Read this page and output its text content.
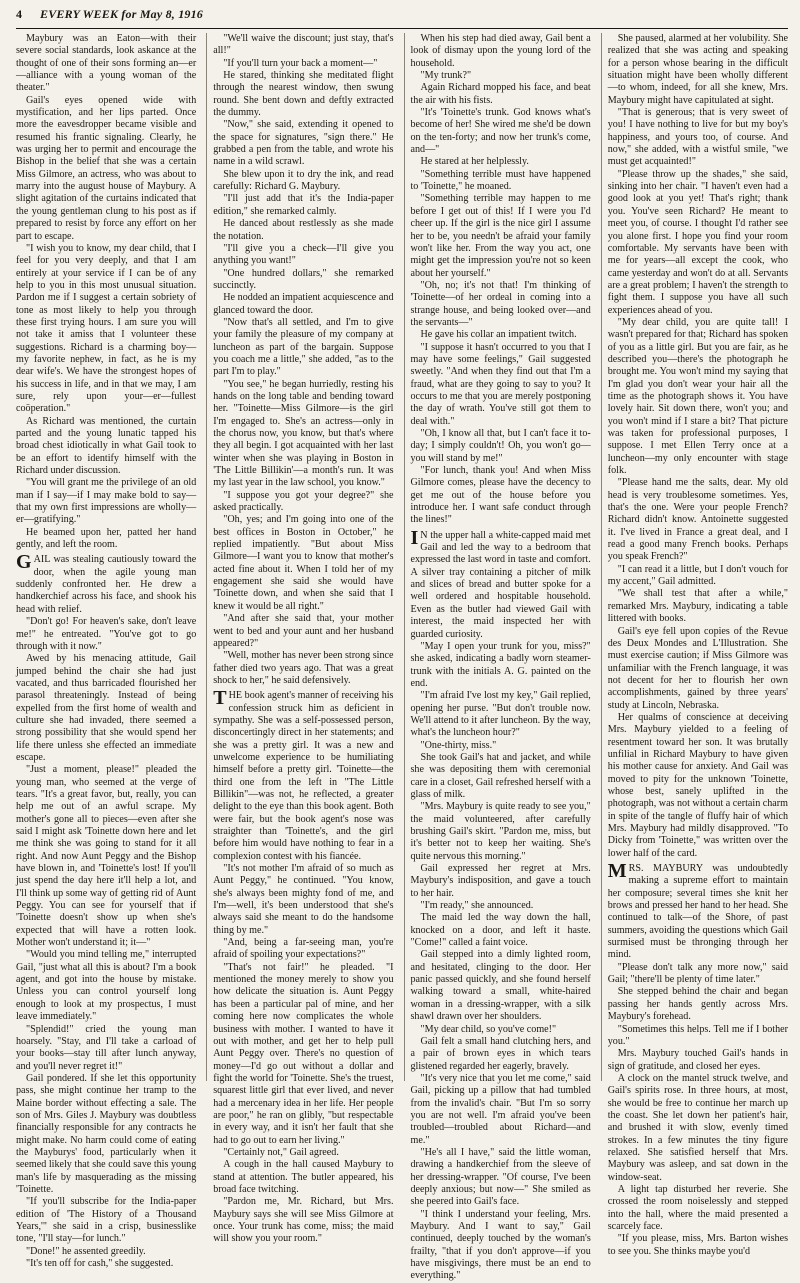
4 EVERY WEEK for May 8, 1916

Maybury was an Eaton—with their severe social standards, look askance at the thought of one of their sons forming an—er—alliance with a young woman of the theater."

Gail's eyes opened wide with mystification, and her lips parted. Once more the eavesdropper became visible and resumed his frantic signaling. Clearly, he was urging her to permit and encourage the Bishop in the belief that she was a certain Miss Gilmore, an actress, who was about to marry into the august house of Maybury. A slight agitation of the curtains indicated that the young gentleman clung to his post as if prepared to resist by force any effort on her part to escape.

"I wish you to know, my dear child, that I feel for you very deeply, and that I am entirely at your service if I can be of any help to you in this most unusual situation. Pardon me if I suggest a certain sobriety of tone as most likely to help you through these first trying hours. I am sure you will not take it amiss that I volunteer these suggestions. Richard is a charming boy—my favorite nephew, in fact, as he is my dear wife's. We have the strongest hopes of his success in life, and in that we may, I am sure, rely upon your—er—fullest coöperation."

As Richard was mentioned, the curtain parted and the young lunatic tapped his broad chest idiotically in what Gail took to be an effort to identify himself with the Richard under discussion.

"You will grant me the privilege of an old man if I say—if I may make bold to say—that my own first impressions are wholly—er—gratifying."

He beamed upon her, patted her hand gently, and left the room.

GAIL was stealing cautiously toward the door, when the agile young man suddenly confronted her. He drew a handkerchief across his face, and shook his head with relief.

"Don't go! For heaven's sake, don't leave me!" he entreated. "You've got to go through with it now."

Awed by his menacing attitude, Gail jumped behind the chair she had just vacated, and thus barricaded flourished her parasol threateningly. Instead of being expelled from the first home of wealth and culture she had invaded, there seemed a strong possibility that she would spend her life there unless she effected an immediate escape.

"Just a moment, please!" pleaded the young man, who seemed at the verge of tears. "It's a great favor, but, really, you can help me out of an awful scrape. My mother's gone all to pieces—even after she said I might ask 'Toinette down here and let me think she was going to stand for it all right. And now Aunt Peggy and the Bishop have blown in, and 'Toinette's lost! If you'll just spend the day here it'll help a lot, and I'll think up some way of getting rid of Aunt Peggy. You can see for yourself that if 'Toinette doesn't show up when she's expected that will have a rotten look. Mother won't understand it; it—"

"Would you mind telling me," interrupted Gail, "just what all this is about? I'm a book agent, and got into the house by mistake. Unless you can control yourself long enough to look at my prospectus, I must leave immediately."

"Splendid!" cried the young man hoarsely. "Stay, and I'll take a carload of your books—stay till after lunch anyway, and you'll never regret it!"

Gail pondered. If she let this opportunity pass, she might continue her tramp to the Maine border without effecting a sale. The son of Mrs. Giles J. Maybury was doubtless financially responsible for any contracts he might make. No harm could come of eating the Mayburys' food, particularly when it seemed likely that she could save this young man's life by masquerading as the missing 'Toinette.

"If you'll subscribe for the India-paper edition of 'The History of a Thousand Years,'" she said in a crisp, businesslike tone, "I'll stay—for lunch."

"Done!" he assented greedily.

"It's ten off for cash," she suggested.

"We'll waive the discount; just stay, that's all!"

"If you'll turn your back a moment—"

He stared, thinking she meditated flight through the nearest window, then swung round. She bent down and deftly extracted the dummy.

"Now," she said, extending it opened to the space for signatures, "sign there." He grabbed a pen from the table, and wrote his name in a wild scrawl.

She blew upon it to dry the ink, and read carefully: Richard G. Maybury.

"I'll just add that it's the India-paper edition," she remarked calmly.

He danced about restlessly as she made the notation.

"I'll give you a check—I'll give you anything you want!"

"One hundred dollars," she remarked succinctly.

He nodded an impatient acquiescence and glanced toward the door.

"Now that's all settled, and I'm to give your family the pleasure of my company at luncheon as part of the bargain. Suppose you coach me a little," she added, "as to the part I'm to play."

"You see," he began hurriedly, resting his hands on the long table and bending toward her. "Toinette—Miss Gilmore—is the girl I'm engaged to. She's an actress—only in the chorus now, you know, but that's where they all begin. I got acquainted with her last winter when she was playing in Boston in 'The Little Billikin'—a month's run. It was my last year in the law school, you know."

"I suppose you got your degree?" she asked practically.

"Oh, yes; and I'm going into one of the best offices in Boston in October," he replied impatiently. "But about Miss Gilmore—I want you to know that mother's acted fine about it. When I told her of my engagement she said she would have 'Toinette down, and when she said that I knew it would be all right."

"And after she said that, your mother went to bed and your aunt and her husband appeared?"

"Well, mother has never been strong since father died two years ago. That was a great shock to her," he said defensively.

THE book agent's manner of receiving his confession struck him as deficient in sympathy. She was a self-possessed person, disconcertingly direct in her statements; and she was a pretty girl. It was a new and unwelcome experience to be humiliating himself before a pretty girl. 'Toinette—the third one from the left in "The Little Billikin"—was not, he reflected, a greater delight to the eye than this book agent. Both were fair, but the book agent's nose was straighter than 'Toinette's, and the girl before him would have nothing to fear in a complexion contest with his fiancée.

"It's not mother I'm afraid of so much as Aunt Peggy," he continued. "You know, she's always been mighty fond of me, and I'm—well, it's been understood that she's always said she meant to do the handsome thing by me."

"And, being a far-seeing man, you're afraid of spoiling your expectations?"

"That's not fair!" he pleaded. "I mentioned the money merely to show you how delicate the situation is. Aunt Peggy has been a particular pal of mine, and her coming here now complicates the whole business with mother. I wanted to have it out with mother, and get her to help pull Aunt Peggy over. There's no question of money—I'd go out without a dollar and fight the world for 'Toinette. She's the truest, squarest little girl that ever lived, and never had a mercenary idea in her life. Her people are poor," he ran on glibly, "but respectable in every way, and it isn't her fault that she had to go out to earn her living."

"Certainly not," Gail agreed.

A cough in the hall caused Maybury to stand at attention. The butler appeared, his broad face twitching.

"Pardon me, Mr. Richard, but Mrs. Maybury says she will see Miss Gilmore at once. Your trunk has come, miss; the maid will show you your room."

When his step had died away, Gail bent a look of dismay upon the young lord of the household.

"My trunk?"

Again Richard mopped his face, and beat the air with his fists.

"It's 'Toinette's trunk. God knows what's become of her! She wired me she'd be down on the ten-forty; and now her trunk's come, and—"

He stared at her helplessly.

"Something terrible must have happened to 'Toinette," he moaned.

"Something terrible may happen to me before I get out of this! If I were you I'd cheer up. If the girl is the nice girl I assume her to be, you needn't be afraid your family won't like her. From the way you act, one might get the impression you're not so keen about her yourself."

"Oh, no; it's not that! I'm thinking of 'Toinette—of her ordeal in coming into a strange house, and being looked over—and the servants—"

He gave his collar an impatient twitch.

"I suppose it hasn't occurred to you that I may have some feelings," Gail suggested sweetly. "And when they find out that I'm a fraud, what are they going to say to you? It occurs to me that you are merely postponing the day of wrath. You've still got them to deal with."

"Oh, I know all that, but I can't face it to-day; I simply couldn't! Oh, you won't go—you will stand by me!"

"For lunch, thank you! And when Miss Gilmore comes, please have the decency to get me out of the house before you introduce her. I want safe conduct through the lines!"

IN the upper hall a white-capped maid met Gail and led the way to a bedroom that expressed the last word in taste and comfort. A silver tray containing a pitcher of milk and slices of bread and butter spoke for a well ordered and hospitable household. Even as the butler had viewed Gail with interest, the maid inspected her with guarded curiosity.

"May I open your trunk for you, miss?" she asked, indicating a badly worn steamer-trunk with the initials A. G. painted on the end.

"I'm afraid I've lost my key," Gail replied, opening her purse. "But don't trouble now. We'll attend to it after luncheon. By the way, what's the luncheon hour?"

"One-thirty, miss."

She took Gail's hat and jacket, and while she was depositing them with ceremonial care in a closet, Gail refreshed herself with a glass of milk.

"Mrs. Maybury is quite ready to see you," the maid volunteered, after carefully brushing Gail's skirt. "Pardon me, miss, but it's better not to keep her waiting. She's quite nervous this morning."

Gail expressed her regret at Mrs. Maybury's indisposition, and gave a touch to her hair.

"I'm ready," she announced.

The maid led the way down the hall, knocked on a door, and left it haste. "Come!" called a faint voice.

Gail stepped into a dimly lighted room, and hesitated, clinging to the door. Her panic passed quickly, and she found herself walking toward a small, white-haired woman in a dressing-wrapper, with a silk shawl drawn over her shoulders.

"My dear child, so you've come!"

Gail felt a small hand clutching hers, and a pair of brown eyes in which tears glistened regarded her eagerly, bravely.

"It's very nice that you let me come," said Gail, picking up a pillow that had tumbled from the invalid's chair. "But I'm so sorry you are not well. I'm afraid you've been troubled—troubled about Richard—and me."

"He's all I have," said the little woman, drawing a handkerchief from the sleeve of her dressing-wrapper. "Of course, I've been deeply anxious; but now—" She smiled as she peered into Gail's face.

"I think I understand your feeling, Mrs. Maybury. And I want to say," Gail continued, deeply touched by the woman's frailty, "that if you don't approve—if you have misgivings, there must be an end to everything."

She paused, alarmed at her volubility. She realized that she was acting and speaking for a person whose bearing in the difficult situation might have been wholly different—to whom, indeed, for all she knew, Mrs. Maybury might have capitulated at sight.

"That is generous; that is very sweet of you! I have nothing to live for but my boy's happiness, and yours too, of course. And now," she added, with a wistful smile, "we must get acquainted!"

"Please throw up the shades," she said, sinking into her chair. "I haven't even had a good look at you yet! That's right; thank you. You've seen Richard? He meant to meet you, of course. I thought I'd rather see you alone first. I hope you find your room comfortable. My servants have been with me for years—all except the cook, who came yesterday and won't do at all. Servants are a great problem; I haven't the strength to fight them. I suppose you have all such experiences ahead of you.

"My dear child, you are quite tall! I wasn't prepared for that; Richard has spoken of you as a little girl. But you are fair, as he described you—there's the photograph he brought me. You won't mind my saying that I'm glad you don't wear your hair all the time as the photograph shows it. You have lovely hair. Sit down there, won't you; and you won't mind if I stare a bit? That picture was taken for professional purposes, I suppose. I met Ellen Terry once at a luncheon—my only encounter with stage folk.

"Please hand me the salts, dear. My old head is very troublesome sometimes. Yes, that's the one. Were your people French? Richard didn't know. Antoinette suggested it. I've lived in France a great deal, and I read a good many French books. Perhaps you speak French?"

"I can read it a little, but I don't vouch for my accent," Gail admitted.

"We shall test that after a while," remarked Mrs. Maybury, indicating a table littered with books.

Gail's eye fell upon copies of the Revue des Deux Mondes and L'Illustration. She must exercise caution; if Miss Gilmore was unfamiliar with the French language, it was not decent for her to flourish her own accomplishments, gained by three years' study at Lincoln, Nebraska.

Her qualms of conscience at deceiving Mrs. Maybury yielded to a feeling of resentment toward her son. It was brutally unfilial in Richard Maybury to have given his mother cause for anxiety. And Gail was moved to pity for the unknown 'Toinette, whose best, sanely uplifted in the photograph, was not without a certain charm in spite of the tangle of fluffy hair of which Mrs. Maybury had mildly disapproved. "To Dicky from 'Toinette," was written over the lower half of the card.

MRS. MAYBURY was undoubtedly making a supreme effort to maintain her composure; several times she knit her brows and pressed her hand to her head. She continued to talk—of the Shore, of past summers, avoiding the questions which Gail surmised must be thronging through her mind.

"Please don't talk any more now," said Gail; "there'll be plenty of time later."

She stepped behind the chair and began passing her hands gently across Mrs. Maybury's forehead.

"Sometimes this helps. Tell me if I bother you."

Mrs. Maybury touched Gail's hands in sign of gratitude, and closed her eyes.

A clock on the mantel struck twelve, and Gail's spirits rose. In three hours, at most, she would be free to continue her march up the coast. She let down her patient's hair, and brushed it with slow, evenly timed strokes. In a few minutes the tiny figure relaxed. She satisfied herself that Mrs. Maybury was asleep, and sat down in the window-seat.

A light tap disturbed her reverie. She crossed the room noiselessly and stepped into the hall, where the maid presented a scarcely face.

"If you please, miss, Mrs. Barton wishes to see you. She thinks maybe you'd
